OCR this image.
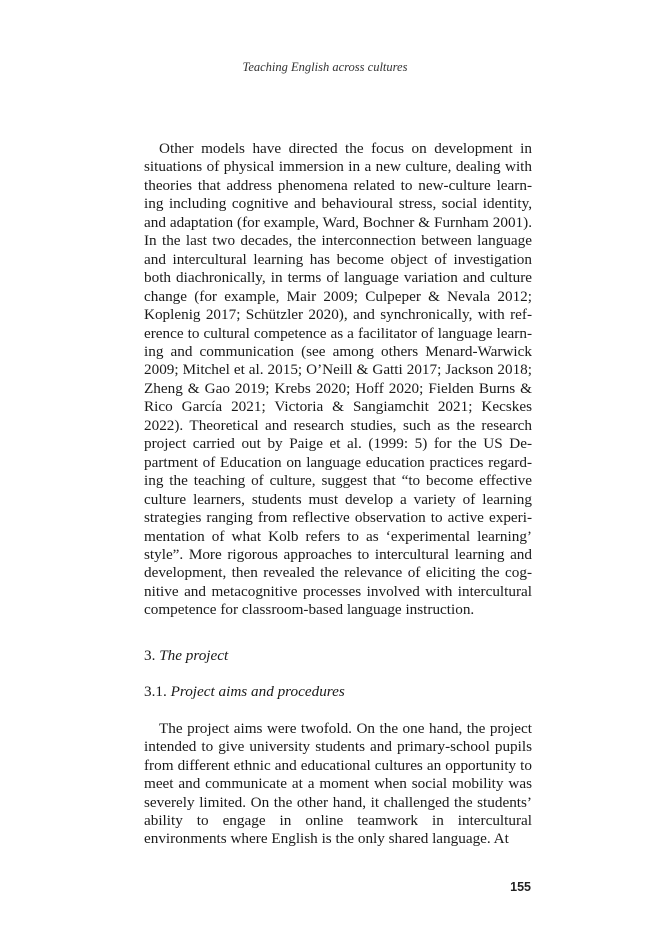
Teaching English across cultures

Other models have directed the focus on development in situations of physical immersion in a new culture, dealing with theories that address phenomena related to new-culture learning including cognitive and behavioural stress, social identity, and adaptation (for example, Ward, Bochner & Furnham 2001). In the last two decades, the interconnection between language and intercultural learning has become object of investigation both diachronically, in terms of language variation and culture change (for example, Mair 2009; Culpeper & Nevala 2012; Koplenig 2017; Schützler 2020), and synchronically, with reference to cultural competence as a facilitator of language learning and communication (see among others Menard-Warwick 2009; Mitchel et al. 2015; O’Neill & Gatti 2017; Jackson 2018; Zheng & Gao 2019; Krebs 2020; Hoff 2020; Fielden Burns & Rico García 2021; Victoria & Sangiamchit 2021; Kecskes 2022). Theoretical and research studies, such as the research project carried out by Paige et al. (1999: 5) for the US Department of Education on language education practices regarding the teaching of culture, suggest that “to become effective culture learners, students must develop a variety of learning strategies ranging from reflective observation to active experimentation of what Kolb refers to as ‘experimental learning’ style”. More rigorous approaches to intercultural learning and development, then revealed the relevance of eliciting the cognitive and metacognitive processes involved with intercultural competence for classroom-based language instruction.

3. The project

3.1. Project aims and procedures

The project aims were twofold. On the one hand, the project intended to give university students and primary-school pupils from different ethnic and educational cultures an opportunity to meet and communicate at a moment when social mobility was severely limited. On the other hand, it challenged the students’ ability to engage in online teamwork in intercultural environments where English is the only shared language. At

155
